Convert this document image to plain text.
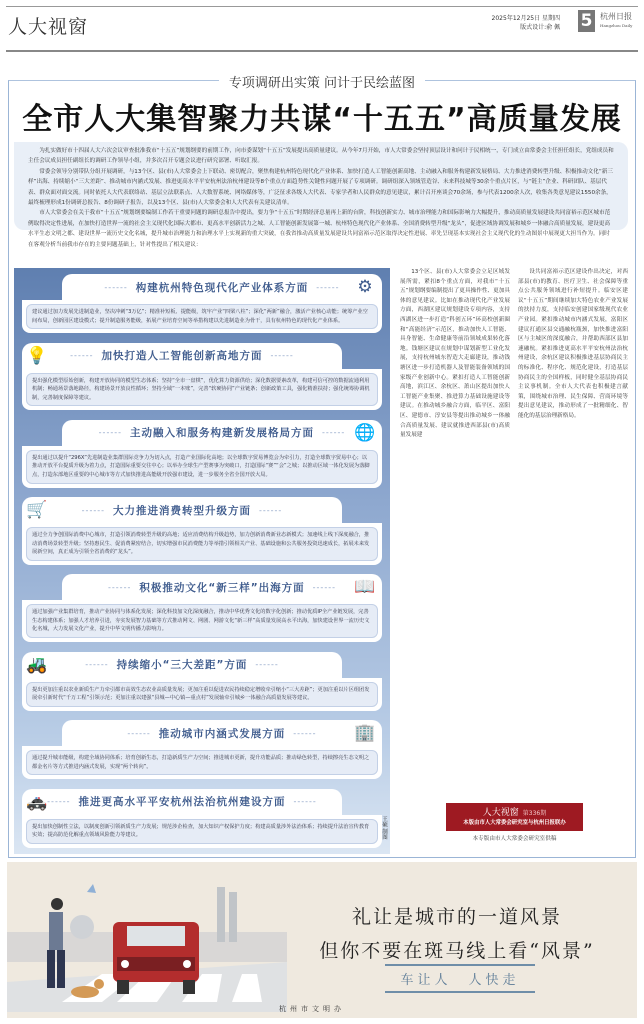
人大视窗	2025年12月25日 星期四
版式设计:俞 佩 5 杭州日报
Hangzhou Daily
专项调研出实策 问计于民绘蓝图
全市人大集智聚力共谋“十五五”高质量发展

为扎实做好市十四届人大六次会议审查批准我市“十五五”规划纲要的前期工作，向市委谋划“十五五”发展提出高质量建议。从今年7月开始，市人大常委会坚持顶层设计和问计于民相统一，专门成立由常委会主任担任组长，党组成员和主任会议成员担任副组长的调研工作领导小组，并多次召开专题会议进行研究部署、听取汇报。

常委会领导分别带队分组开展调研，与13个区、县(市)人大常委会上下联动、密切配合，聚焦构建杭州特色现代化产业体系、加快打造人工智能创新高地、主动融入和服务构建新发展格局、大力推进消费转型升级、积极推动文化“新三样”出海、持续缩小“三大差距”、推动城市内涵式发展、推进更高水平平安杭州法治杭州建设等8个重点方面趋势性关键性问题开展了专项调研。调研组深入领域管造谷、未来科技城等30余个重点片区，与“链主”企业、科研团队、基层代表、群众面对面交流。同时依托人大代表联络站、基层立法联系点、人大数智系统、网络媒体等，广泛征求各级人大代表、专家学者和人民群众的意见建议，累计召开座谈会70余场，参与代表1200余人次，收集各类意见建议1550余条，最终梳理形成1份调研总报告、8份调研子报告，以及13个区、县(市)人大常委会和人大代表有关建议清单。

市人大常委会在关于我市“十五五”规划纲要编制工作若干重要问题的调研总报告中提出，要力争“十五五”时期经济总量再上新的台阶，科技创新实力、城市治理能力和国际影响力大幅提升，推动高质量发展建设共同富裕示范区城市范例取得决定性进展，在加快打造世界一流的社会主义现代化国际大都市、更高水平创新活力之城、人工智能创新发展第一城、杭州特色现代化产业体系、全国消费转型升级“龙头”，促进区域协调发展和城乡一体融合高质量发展，建设更高水平生态文明之都、建设世界一流历史文化名城，提升城市治理能力和治理水平上实现新的重大突破，在我省推动高质量发展建设共同富裕示范区取得决定性进展、率先呈现基本实现社会主义现代化的生动图景中展现更大担当作为。同时在客观分析当前我市存在的主要问题基础上，针对性提出了相关建议：

------ 构建杭州特色现代化产业体系方面 ------ ⚙
建议通过加力发展先进制造业，坚决冲刺“3万亿”；精准补短板、提能级，筑牢产业“四梁八柱”；深化“两新”融合，激活产业核心动能；统筹产业空间布局，创新园区建设模式；提升制造服务能级，拓展产业培育空间等举措构建以先进制造业为骨干，具有杭州特色的现代化产业体系。
------ 加快打造人工智能创新高地方面 ------
💡
提出强化模型原始创新，构建开放协同的模型生态体系；坚持“全市一盘棋”，优化算力资源供给；深化数据要素改革，构建可信可控的数据流通利用机制；畅通场景落地路径，构建场景开放良性循环；坚持全域“一本账”，完善“软硬协同”产业链条；创新政策工具，强化精准扶持；强化统筹协调机制，完善制度保障等建议。
------ 主动融入和服务构建新发展格局方面 ------ 🌐
提出通过以提升“296X”先进制造业集群国际竞争力为切入点，打造产业国际化高地；以全球数字贸易博览会为牵引力，打造全球数字贸易中心；以推动开放平台提质升级为着力点，打造国际重要交往中心；以举办全球生产型赛事为突破口，打造国际“赛”“会”之城；以推动区域一体化发展为落脚点，打造东部地区重要的中心城市等方式加快推进高能级开放强市建设，进一步服务全省全国开放大局。
------ 大力推进消费转型升级方面 ------
🛒
通过全力争创国际消费中心城市，打造引领消费转型升级的高地；适应消费结构升级趋势，加力创新消费新业态新模式；加速线上线下深度融合，推动消费场景转型升级；坚持惠民生、促消费紧密结合，切实增强市民消费能力等举措引领相关产业、基础设施和公共服务投资迅速成长，拓展未来发展新空间，真正成为引领全省消费的“龙头”。
------ 积极推动文化“新三样”出海方面 ------ 📖
通过加强产业集群培育，推动产业协同与体系化发展；深化科技加文化深度融合，推动中华优秀文化的数字化创新；推动优质IP全产业链发展，完善生态构建体系；加强人才培养引进，夯实发展智力基础等方式推动网文、网剧、网游文化“新三样”高质量发展高水平出海，加快建设世界一流历史文化名城，大力发展文化产业，提升中华文明传播力影响力。
------ 持续缩小“三大差距”方面 ------
🚜
提出更加注重以农业新质生产力牵引都市高效生态农业高质量发展；更加注重以促进农民持续稳定增收牵引缩小“三大差距”；更加注重以片区组团发展牵引新时代“千万工程”引领示范；更加注重以建强“县城—中心镇—重点村”发展轴牵引城乡一体融合高质量发展等建议。
------ 推动城市内涵式发展方面 ------ 🏢
通过提升城市能级，构建全域协同体系；培育创新生态，打造新质生产力空间；推进城市更新，提升功能品质；推动绿色转型，持续擦亮生态文明之都金名片等方式推进内涵式发展，实现“两个转向”。
------ 推进更高水平平安杭州法治杭州建设方面 ------
🚓
提出加快创制性立法，以制度创新引领新质生产力发展；规范涉企检查，加大知识产权保护力度；构建高质量涉外法治体系；持续提升法治宣传教育实效；提高防范化解重点领域风险能力等建议。	王硕 制图

13个区、县(市)人大常委会立足区域发展所需，紧扣8个重点方面，对我市“十五五”规划纲要编制提出了更具操作性、更加具体的意见建议。比如在推动现代化产业发展方面，西湖区建议规划建设专项内容，支持西湖区进一步打造“科创五环”环高校创新圈和“高能经济”示范区，推动加快人工智能、具身智能、生命健康等前沿领域成果转化落地。钱塘区建议在规划中谋划新型工业化发展，支持杭州城东智造大走廊建设，推动钱塘区进一步打造机器人及智能装备领域的国家级产业创新中心。紧扣打造人工智能创新高地，滨江区、余杭区、萧山区提出加快人工智能产业集聚、推进算力基础设施建设等建议。在推动城乡融合方面，临平区、富阳区、建德市、淳安县等提出推动城乡一体融合高质量发展、建议就推进西部县(市)高质量发展建

设共同富裕示范区建设作出决定，对西部县(市)的教育、医疗卫生、社会保障等重点公共服务领域进行补短提升。临安区建议“十五五”期间继续加大特色农业产业发展的扶持力度，支持临安创建国家级现代农业产业园。紧扣推动城市内涵式发展，富阳区建议打通区县交通融杭瓶颈，加快推进富阳区与主城区的深度融合，并帮助西部区县加速融杭。紧扣推进更高水平平安杭州法治杭州建设，余杭区建议积极推进基层协商民主的标准化、程序化、规范化建设，打造基层协商民主的全国样板，同时健全基层协商民主议事机制。全市人大代表也积极建言献策，围绕城市治理、民生保障、营商环境等提出意见建议，推动形成了一批精细化、智能化的基层治理新格局。

人大视窗 第336期
本版由市人大常委会研究室与杭州日报联办
本专版由市人大常委会研究室供稿
礼让是城市的一道风景
但你不要在斑马线上看“风景”
车让人　人快走
杭州市文明办
